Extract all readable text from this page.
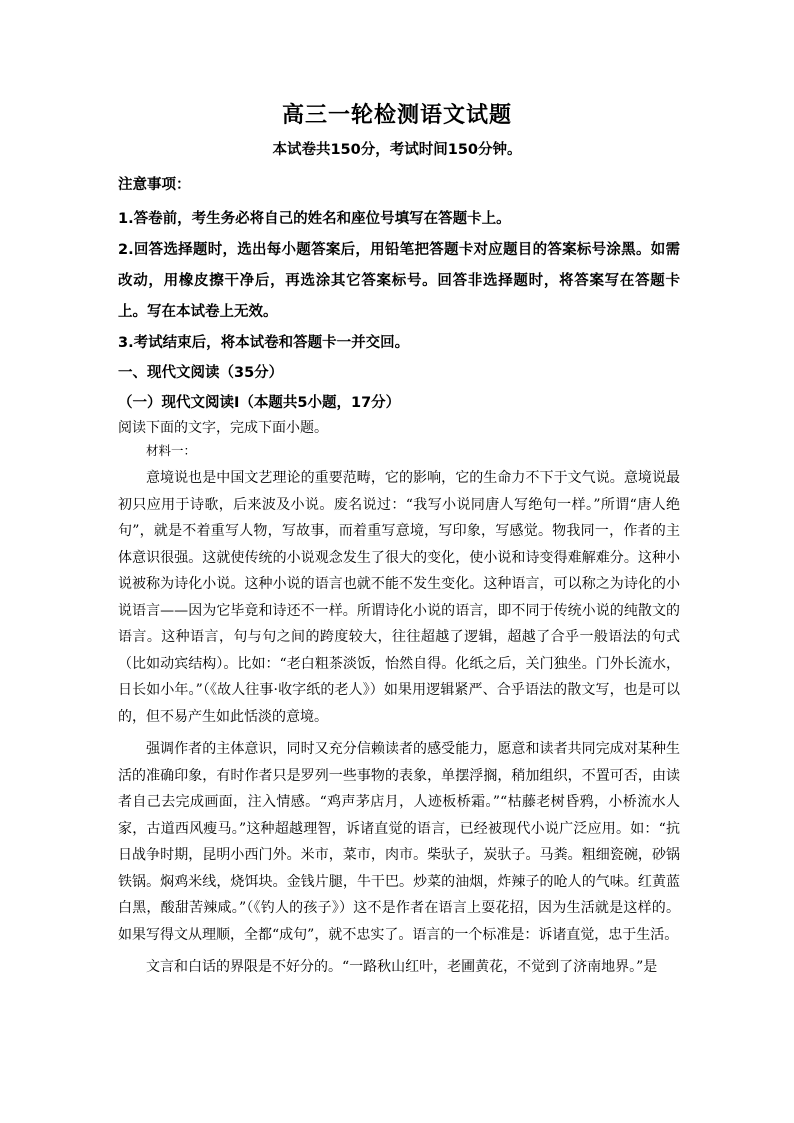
高三一轮检测语文试题
本试卷共150分，考试时间150分钟。

注意事项：

1.答卷前，考生务必将自己的姓名和座位号填写在答题卡上。

2.回答选择题时，选出每小题答案后，用铅笔把答题卡对应题目的答案标号涂黑。如需改动，用橡皮擦干净后，再选涂其它答案标号。回答非选择题时，将答案写在答题卡上。写在本试卷上无效。

3.考试结束后，将本试卷和答题卡一并交回。

一、现代文阅读（35分）

（一）现代文阅读Ⅰ（本题共5小题，17分）

阅读下面的文字，完成下面小题。
材料一：

意境说也是中国文艺理论的重要范畴，它的影响，它的生命力不下于文气说。意境说最初只应用于诗歌，后来波及小说。废名说过：“我写小说同唐人写绝句一样。”所谓“唐人绝句”，就是不着重写人物，写故事，而着重写意境，写印象，写感觉。物我同一，作者的主体意识很强。这就使传统的小说观念发生了很大的变化，使小说和诗变得难解难分。这种小说被称为诗化小说。这种小说的语言也就不能不发生变化。这种语言，可以称之为诗化的小说语言——因为它毕竟和诗还不一样。所谓诗化小说的语言，即不同于传统小说的纯散文的语言。这种语言，句与句之间的跨度较大，往往超越了逻辑，超越了合乎一般语法的句式（比如动宾结构）。比如：“老白粗茶淡饭，怡然自得。化纸之后，关门独坐。门外长流水，日长如小年。”（《故人往事·收字纸的老人》）如果用逻辑紧严、合乎语法的散文写，也是可以的，但不易产生如此恬淡的意境。

强调作者的主体意识，同时又充分信赖读者的感受能力，愿意和读者共同完成对某种生活的准确印象，有时作者只是罗列一些事物的表象，单摆浮搁，稍加组织，不置可否，由读者自己去完成画面，注入情感。“鸡声茅店月，人迹板桥霜。”“枯藤老树昏鸦，小桥流水人家，古道西风瘦马。”这种超越理智，诉诸直觉的语言，已经被现代小说广泛应用。如：“抗日战争时期，昆明小西门外。米市，菜市，肉市。柴驮子，炭驮子。马粪。粗细瓷碗，砂锅铁锅。焖鸡米线，烧饵块。金钱片腿，牛干巴。炒菜的油烟，炸辣子的呛人的气味。红黄蓝白黑，酸甜苦辣咸。”（《钓人的孩子》）这不是作者在语言上耍花招，因为生活就是这样的。如果写得文从理顺，全都“成句”，就不忠实了。语言的一个标准是：诉诸直觉，忠于生活。

文言和白话的界限是不好分的。“一路秋山红叶，老圃黄花，不觉到了济南地界。”是
